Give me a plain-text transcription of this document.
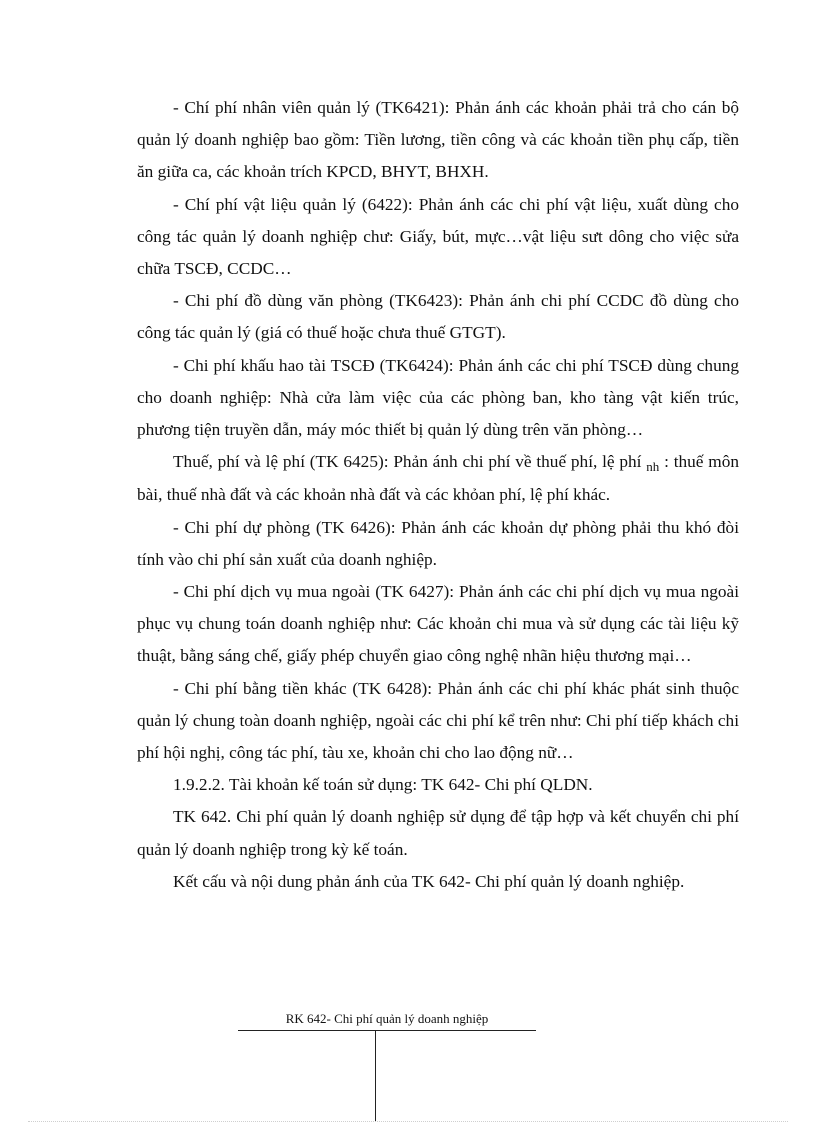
- Chí phí nhân viên quản lý (TK6421): Phản ánh các khoản phải trả cho cán bộ quản lý doanh nghiệp bao gồm: Tiền lương, tiền công và các khoản tiền phụ cấp, tiền ăn giữa ca, các khoản trích KPCD, BHYT, BHXH.

- Chí phí vật liệu quản lý (6422): Phản ánh các chi phí vật liệu, xuất dùng cho công tác quản lý doanh nghiệp chư: Giấy, bút, mực…vật liệu sưt dông cho việc sửa chữa TSCĐ, CCDC…

- Chi phí đồ dùng văn phòng (TK6423): Phản ánh chi phí CCDC đồ dùng cho công tác quản lý (giá có thuế hoặc chưa thuế GTGT).

- Chi phí khấu hao tài TSCĐ (TK6424): Phản ánh các chi phí TSCĐ dùng chung cho doanh nghiệp: Nhà cửa làm việc của các phòng ban, kho tàng vật kiến trúc, phương tiện truyền dẫn, máy móc thiết bị quản lý dùng trên văn phòng…

Thuế, phí và lệ phí (TK 6425): Phản ánh chi phí về thuế phí, lệ phí $_{nh}$ : thuế môn bài, thuế nhà đất và các khoản nhà đất và các khỏan phí, lệ phí khác.

- Chi phí dự phòng (TK 6426): Phản ánh các khoản dự phòng phải thu khó đòi tính vào chi phí sản xuất của doanh nghiệp.

- Chi phí dịch vụ mua ngoài (TK 6427): Phản ánh các chi phí dịch vụ mua ngoài phục vụ chung toán doanh nghiệp như: Các khoản chi mua và sử dụng các tài liệu kỹ thuật, bằng sáng chế, giấy phép chuyển giao công nghệ nhãn hiệu thương mại…

- Chi phí bằng tiền khác (TK 6428): Phản ánh các chi phí khác phát sinh thuộc quản lý chung toàn doanh nghiệp, ngoài các chi phí kể trên như: Chi phí tiếp khách chi phí hội nghị, công tác phí, tàu xe, khoản chi cho lao động nữ…

1.9.2.2. Tài khoản kế toán sử dụng: TK 642- Chi phí QLDN.

TK 642. Chi phí quản lý doanh nghiệp sử dụng để tập hợp và kết chuyển chi phí quản lý doanh nghiệp trong kỳ kế toán.

Kết cấu và nội dung phản ánh của TK 642- Chi phí quản lý doanh nghiệp.

RK 642- Chi phí quản lý doanh nghiệp
